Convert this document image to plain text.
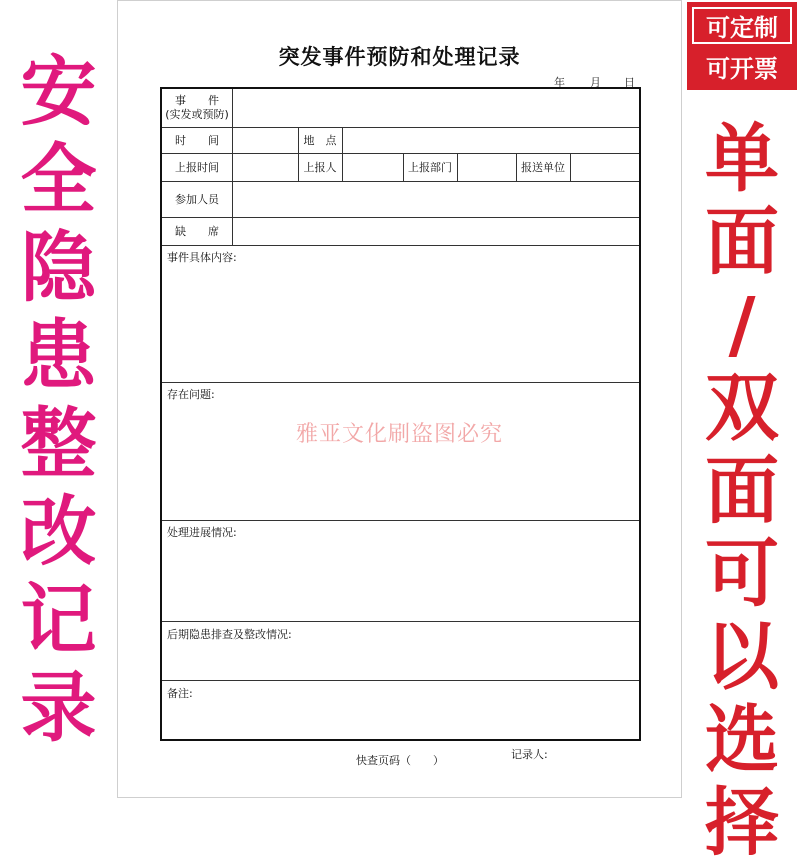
安
全
隐
患
整
改
记
录
突发事件预防和处理记录
年	月	日
事　　件
(实发或预防)
时　　间	地　点
上报时间	上报人	上报部门	报送单位
参加人员
缺　　席
事件具体内容:
存在问题:
处理进展情况:
后期隐患排查及整改情况:
备注:
雅亚文化刷盗图必究
快查页码（　　）	记录人:
可定制
可开票
单
面
/
双
面
可
以
选
择
